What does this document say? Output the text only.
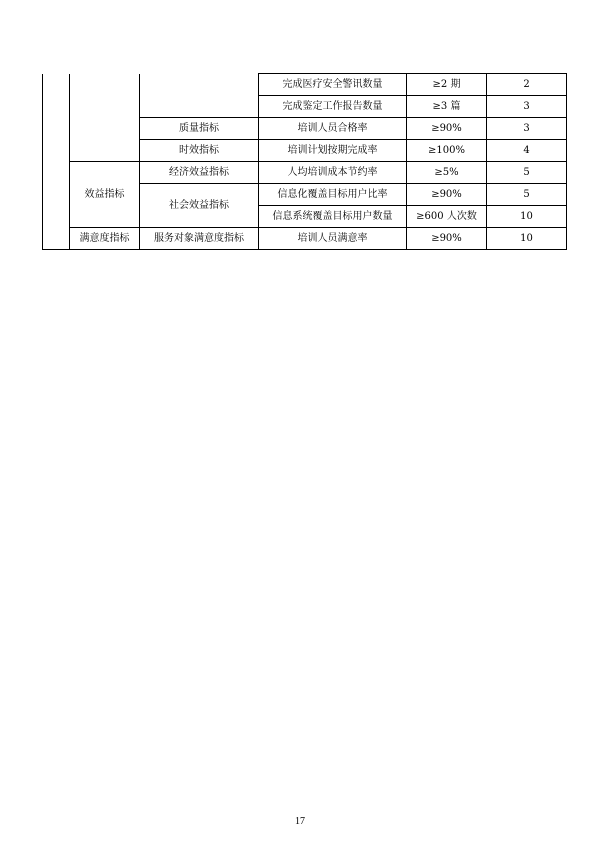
			完成医疗安全警讯数量	≥2 期	2
			完成鉴定工作报告数量	≥3 篇	3
		质量指标	培训人员合格率	≥90%	3
		时效指标	培训计划按期完成率	≥100%	4
	效益指标	经济效益指标	人均培训成本节约率	≥5%	5
		社会效益指标	信息化覆盖目标用户比率	≥90%	5
			信息系统覆盖目标用户数量	≥600 人次数	10
	满意度指标	服务对象满意度指标	培训人员满意率	≥90%	10
17
